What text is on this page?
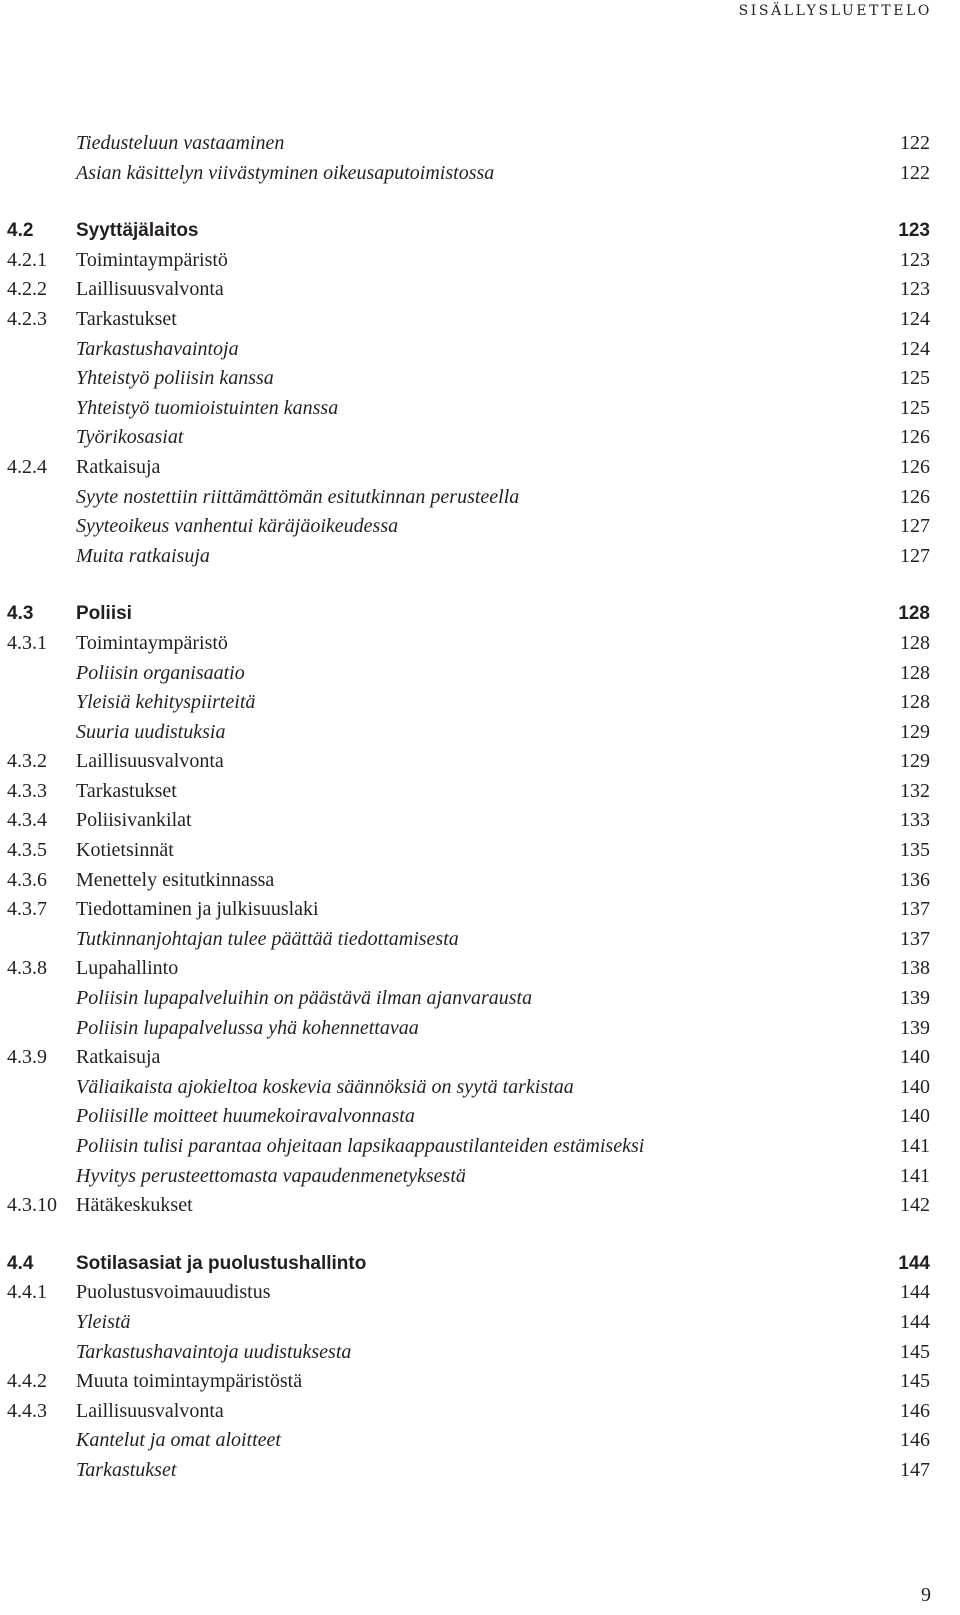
SISÄLLYSLUETTELO
Tiedusteluun vastaaminen	122
Asian käsittelyn viivästyminen oikeusaputoimistossa	122
4.2 Syyttäjälaitos	123
4.2.1 Toimintaympäristö	123
4.2.2 Laillisuusvalvonta	123
4.2.3 Tarkastukset	124
Tarkastushavaintoja	124
Yhteistyö poliisin kanssa	125
Yhteistyö tuomioistuinten kanssa	125
Työrikosasiat	126
4.2.4 Ratkaisuja	126
Syyte nostettiin riittämättömän esitutkinnan perusteella	126
Syyteoikeus vanhentui käräjäoikeudessa	127
Muita ratkaisuja	127
4.3 Poliisi	128
4.3.1 Toimintaympäristö	128
Poliisin organisaatio	128
Yleisiä kehityspiirteitä	128
Suuria uudistuksia	129
4.3.2 Laillisuusvalvonta	129
4.3.3 Tarkastukset	132
4.3.4 Poliisivankilat	133
4.3.5 Kotietsinnät	135
4.3.6 Menettely esitutkinnassa	136
4.3.7 Tiedottaminen ja julkisuuslaki	137
Tutkinnanjohtajan tulee päättää tiedottamisesta	137
4.3.8 Lupahallinto	138
Poliisin lupapalveluihin on päästävä ilman ajanvarausta	139
Poliisin lupapalvelussa yhä kohennettavaa	139
4.3.9 Ratkaisuja	140
Väliaikaista ajokieltoa koskevia säännöksiä on syytä tarkistaa	140
Poliisille moitteet huumekoiravalvonnasta	140
Poliisin tulisi parantaa ohjeitaan lapsikaappaustilanteiden estämiseksi	141
Hyvitys perusteettomasta vapaudenmenetyksestä	141
4.3.10 Hätäkeskukset	142
4.4 Sotilasasiat ja puolustushallinto	144
4.4.1 Puolustusvoimauudistus	144
Yleistä	144
Tarkastushavaintoja uudistuksesta	145
4.4.2 Muuta toimintaympäristöstä	145
4.4.3 Laillisuusvalvonta	146
Kantelut ja omat aloitteet	146
Tarkastukset	147
9
